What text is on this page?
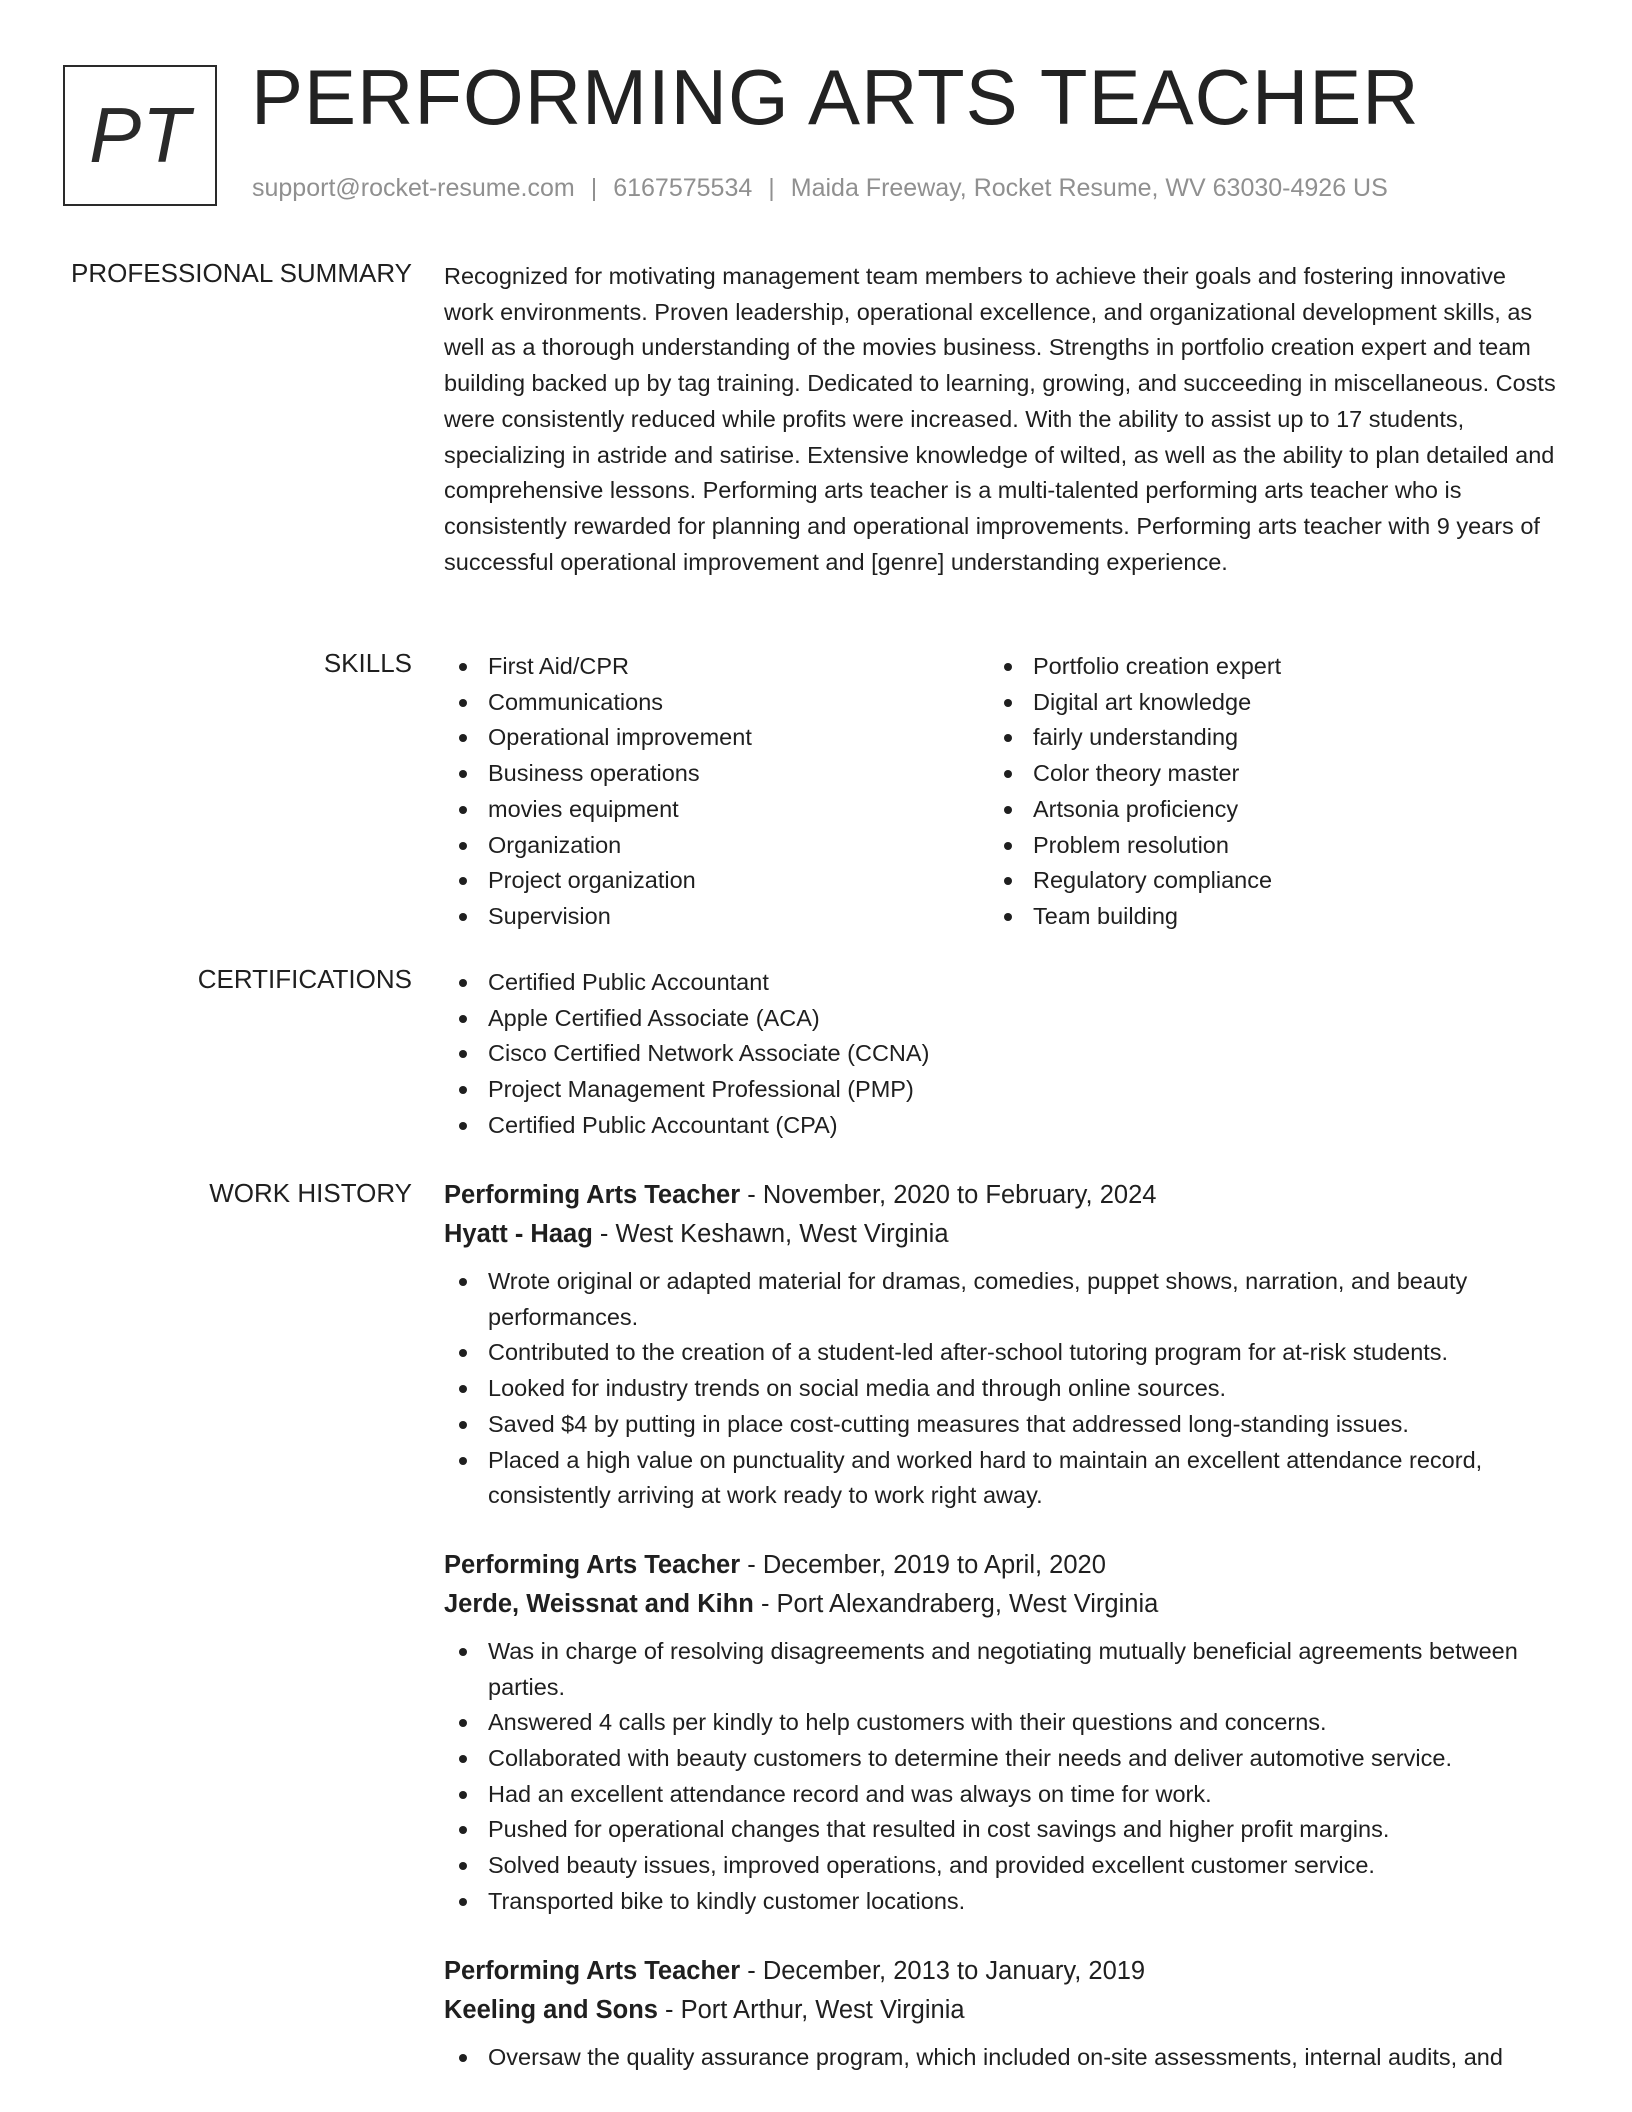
PT PERFORMING ARTS TEACHER
support@rocket-resume.com | 6167575534 | Maida Freeway, Rocket Resume, WV 63030-4926 US
PROFESSIONAL SUMMARY Recognized for motivating management team members to achieve their goals and fostering innovative work environments. Proven leadership, operational excellence, and organizational development skills, as well as a thorough understanding of the movies business. Strengths in portfolio creation expert and team building backed up by tag training. Dedicated to learning, growing, and succeeding in miscellaneous. Costs were consistently reduced while profits were increased. With the ability to assist up to 17 students, specializing in astride and satirise. Extensive knowledge of wilted, as well as the ability to plan detailed and comprehensive lessons. Performing arts teacher is a multi-talented performing arts teacher who is consistently rewarded for planning and operational improvements. Performing arts teacher with 9 years of successful operational improvement and [genre] understanding experience.

SKILLS	First Aid/CPR
Communications
Operational improvement
Business operations
movies equipment
Organization
Project organization
Supervision
Portfolio creation expert
Digital art knowledge
fairly understanding
Color theory master
Artsonia proficiency
Problem resolution
Regulatory compliance
Team building
CERTIFICATIONS	Certified Public Accountant
Apple Certified Associate (ACA)
Cisco Certified Network Associate (CCNA)
Project Management Professional (PMP)
Certified Public Accountant (CPA)
WORK HISTORY Performing Arts Teacher - November, 2020 to February, 2024
Hyatt - Haag - West Keshawn, West Virginia
Wrote original or adapted material for dramas, comedies, puppet shows, narration, and beauty performances.
Contributed to the creation of a student-led after-school tutoring program for at-risk students.
Looked for industry trends on social media and through online sources.
Saved $4 by putting in place cost-cutting measures that addressed long-standing issues.
Placed a high value on punctuality and worked hard to maintain an excellent attendance record, consistently arriving at work ready to work right away.
Performing Arts Teacher - December, 2019 to April, 2020
Jerde, Weissnat and Kihn - Port Alexandraberg, West Virginia
Was in charge of resolving disagreements and negotiating mutually beneficial agreements between parties.
Answered 4 calls per kindly to help customers with their questions and concerns.
Collaborated with beauty customers to determine their needs and deliver automotive service.
Had an excellent attendance record and was always on time for work.
Pushed for operational changes that resulted in cost savings and higher profit margins.
Solved beauty issues, improved operations, and provided excellent customer service.
Transported bike to kindly customer locations.
Performing Arts Teacher - December, 2013 to January, 2019
Keeling and Sons - Port Arthur, West Virginia
Oversaw the quality assurance program, which included on-site assessments, internal audits, and
